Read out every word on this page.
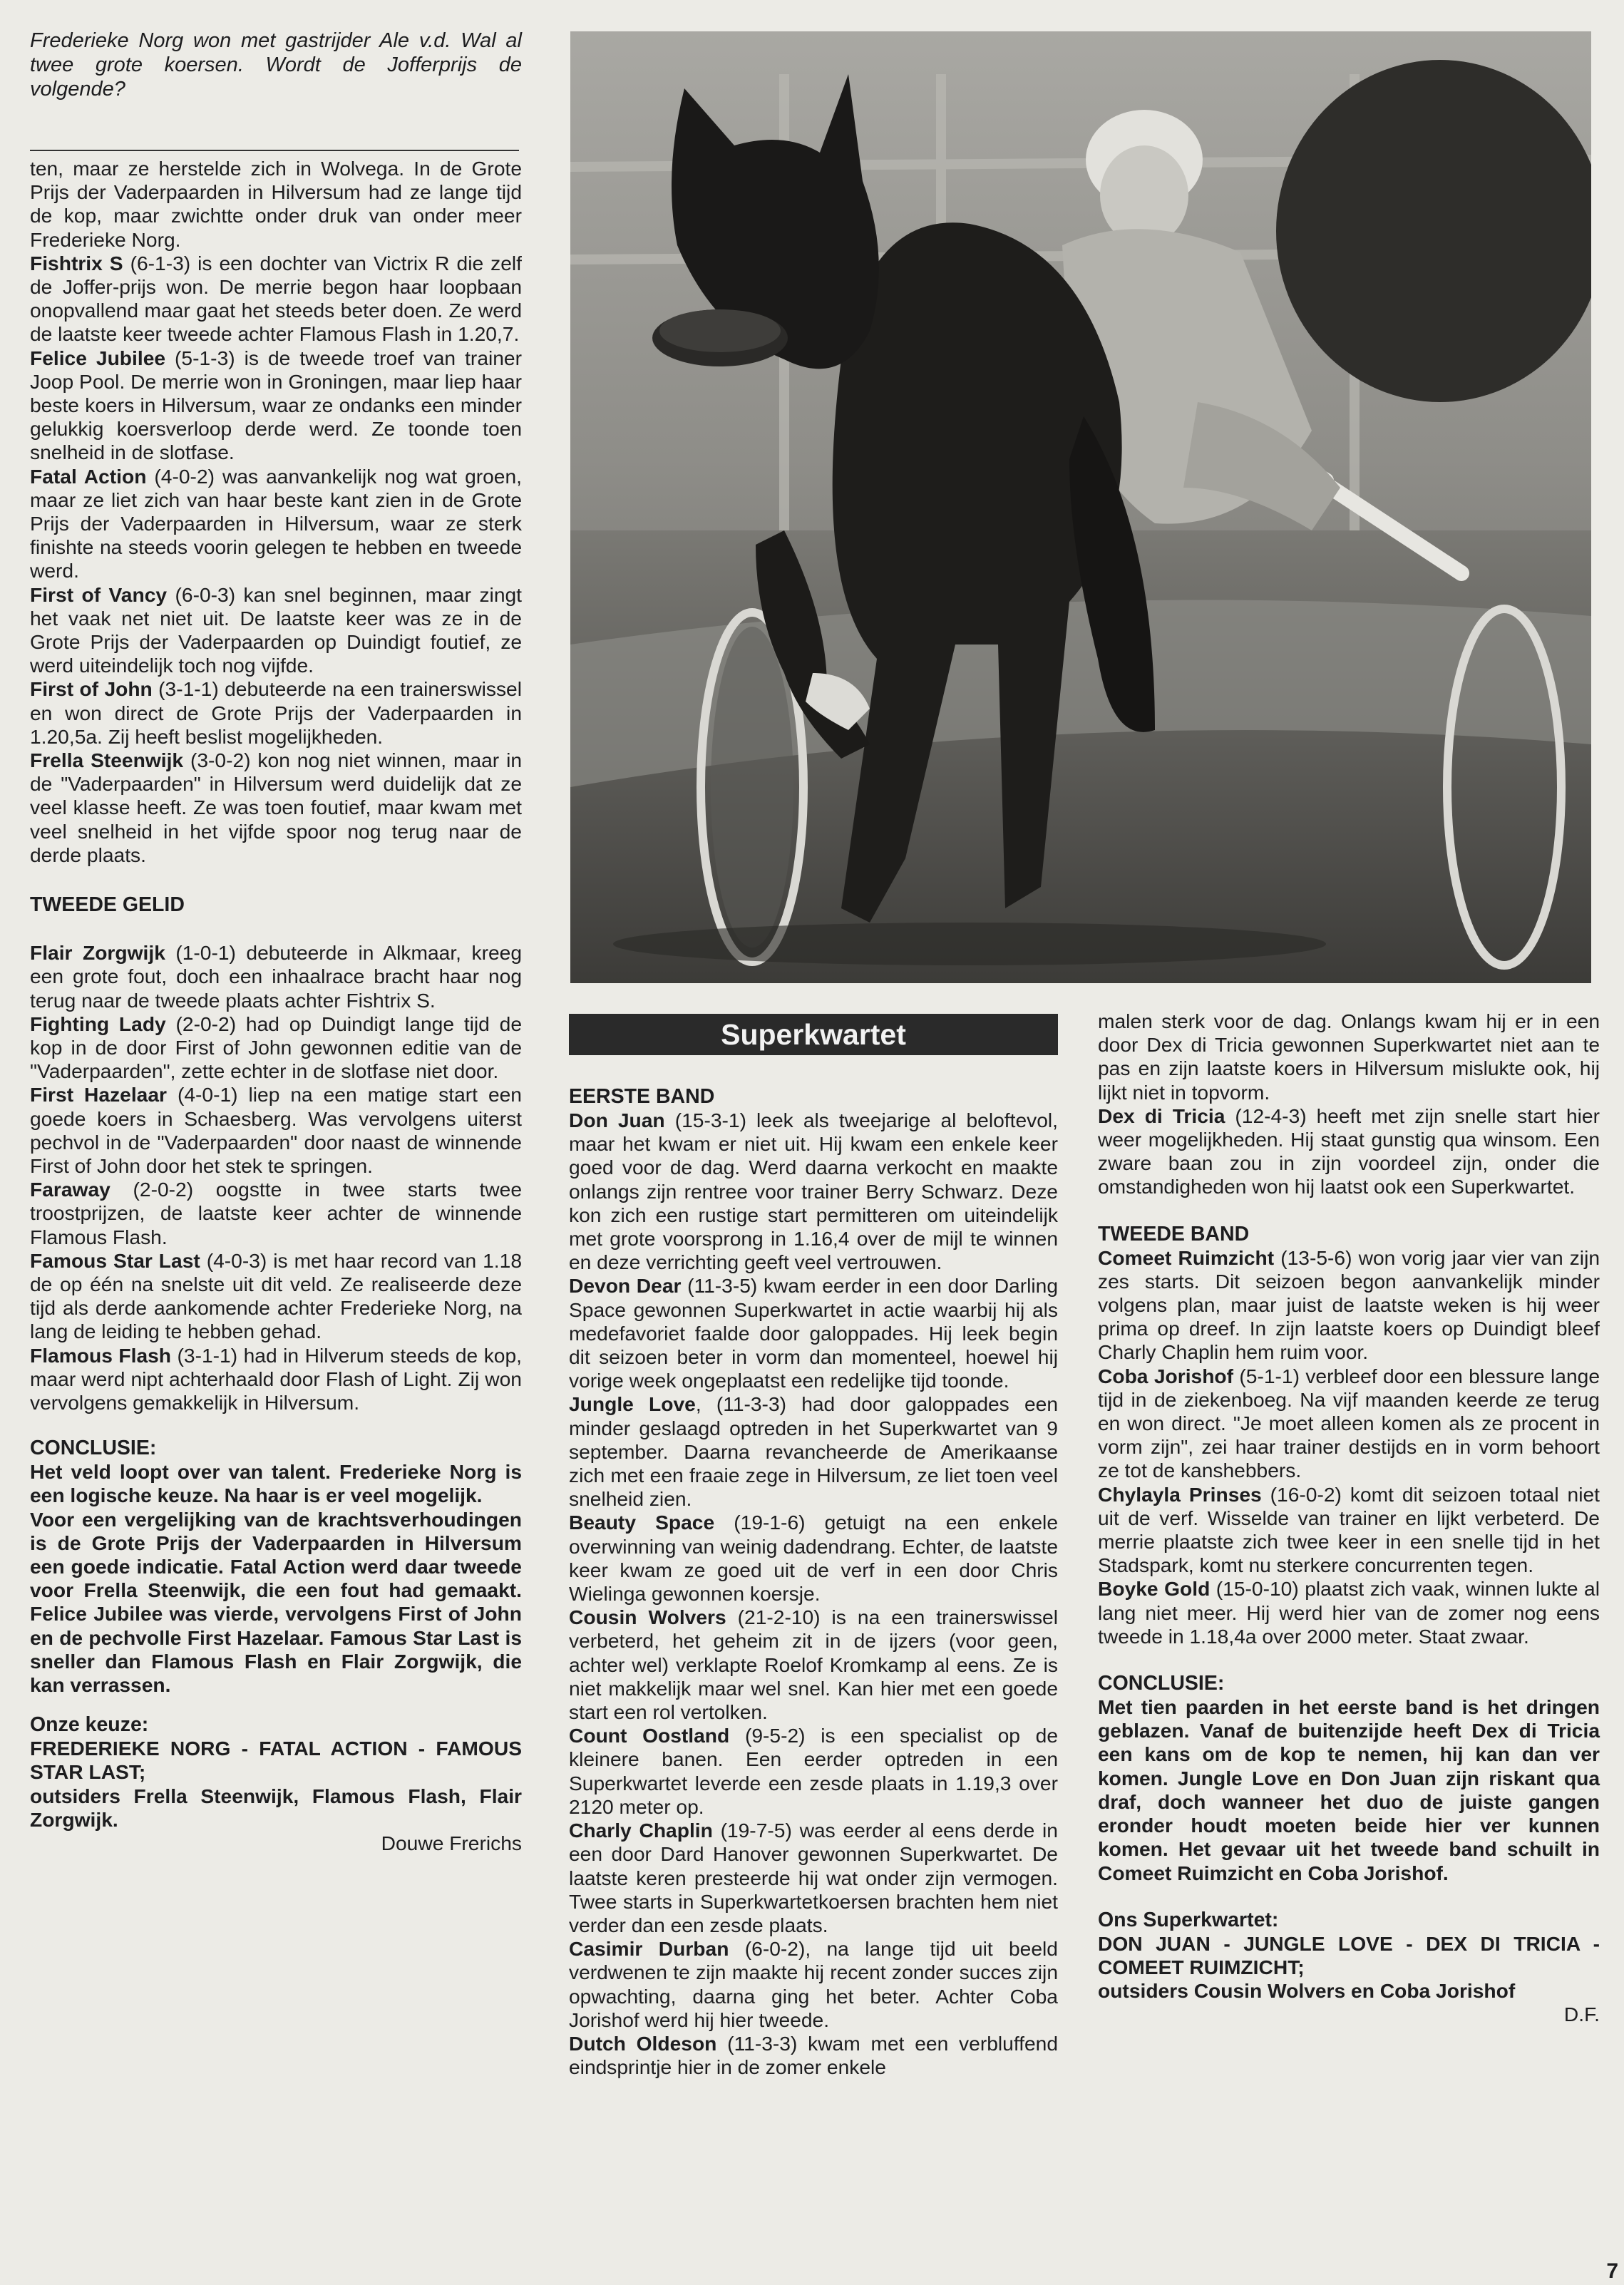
Frederieke Norg won met gastrijder Ale v.d. Wal al twee grote koersen. Wordt de Jofferprijs de volgende?

ten, maar ze herstelde zich in Wolvega. In de Grote Prijs der Vaderpaarden in Hilversum had ze lange tijd de kop, maar zwichtte onder druk van onder meer Frederieke Norg.

Fishtrix S (6-1-3) is een dochter van Victrix R die zelf de Joffer-prijs won. De merrie begon haar loopbaan onopvallend maar gaat het steeds beter doen. Ze werd de laatste keer tweede achter Flamous Flash in 1.20,7.

Felice Jubilee (5-1-3) is de tweede troef van trainer Joop Pool. De merrie won in Groningen, maar liep haar beste koers in Hilversum, waar ze ondanks een minder gelukkig koersverloop derde werd. Ze toonde toen snelheid in de slotfase.

Fatal Action (4-0-2) was aanvankelijk nog wat groen, maar ze liet zich van haar beste kant zien in de Grote Prijs der Vaderpaarden in Hilversum, waar ze sterk finishte na steeds voorin gelegen te hebben en tweede werd.

First of Vancy (6-0-3) kan snel beginnen, maar zingt het vaak net niet uit. De laatste keer was ze in de Grote Prijs der Vaderpaarden op Duindigt foutief, ze werd uiteindelijk toch nog vijfde.

First of John (3-1-1) debuteerde na een trainerswissel en won direct de Grote Prijs der Vaderpaarden in 1.20,5a. Zij heeft beslist mogelijkheden.

Frella Steenwijk (3-0-2) kon nog niet winnen, maar in de "Vaderpaarden" in Hilversum werd duidelijk dat ze veel klasse heeft. Ze was toen foutief, maar kwam met veel snelheid in het vijfde spoor nog terug naar de derde plaats.

TWEEDE GELID

Flair Zorgwijk (1-0-1) debuteerde in Alkmaar, kreeg een grote fout, doch een inhaalrace bracht haar nog terug naar de tweede plaats achter Fishtrix S.

Fighting Lady (2-0-2) had op Duindigt lange tijd de kop in de door First of John gewonnen editie van de "Vaderpaarden", zette echter in de slotfase niet door.

First Hazelaar (4-0-1) liep na een matige start een goede koers in Schaesberg. Was vervolgens uiterst pechvol in de "Vaderpaarden" door naast de winnende First of John door het stek te springen.

Faraway (2-0-2) oogstte in twee starts twee troostprijzen, de laatste keer achter de winnende Flamous Flash.

Famous Star Last (4-0-3) is met haar record van 1.18 de op één na snelste uit dit veld. Ze realiseerde deze tijd als derde aankomende achter Frederieke Norg, na lang de leiding te hebben gehad.

Flamous Flash (3-1-1) had in Hilverum steeds de kop, maar werd nipt achterhaald door Flash of Light. Zij won vervolgens gemakkelijk in Hilversum.

CONCLUSIE:

Het veld loopt over van talent. Frederieke Norg is een logische keuze. Na haar is er veel mogelijk.

Voor een vergelijking van de krachtsverhoudingen is de Grote Prijs der Vaderpaarden in Hilversum een goede indicatie. Fatal Action werd daar tweede voor Frella Steenwijk, die een fout had gemaakt. Felice Jubilee was vierde, vervolgens First of John en de pechvolle First Hazelaar. Famous Star Last is sneller dan Flamous Flash en Flair Zorgwijk, die kan verrassen.

Onze keuze:

FREDERIEKE NORG - FATAL ACTION - FAMOUS STAR LAST;

outsiders Frella Steenwijk, Flamous Flash, Flair Zorgwijk.

Douwe Frerichs

Superkwartet

EERSTE BAND

Don Juan (15-3-1) leek als tweejarige al beloftevol, maar het kwam er niet uit. Hij kwam een enkele keer goed voor de dag. Werd daarna verkocht en maakte onlangs zijn rentree voor trainer Berry Schwarz. Deze kon zich een rustige start permitteren om uiteindelijk met grote voorsprong in 1.16,4 over de mijl te winnen en deze verrichting geeft veel vertrouwen.

Devon Dear (11-3-5) kwam eerder in een door Darling Space gewonnen Superkwartet in actie waarbij hij als medefavoriet faalde door galoppades. Hij leek begin dit seizoen beter in vorm dan momenteel, hoewel hij vorige week ongeplaatst een redelijke tijd toonde.

Jungle Love, (11-3-3) had door galoppades een minder geslaagd optreden in het Superkwartet van 9 september. Daarna revancheerde de Amerikaanse zich met een fraaie zege in Hilversum, ze liet toen veel snelheid zien.

Beauty Space (19-1-6) getuigt na een enkele overwinning van weinig dadendrang. Echter, de laatste keer kwam ze goed uit de verf in een door Chris Wielinga gewonnen koersje.

Cousin Wolvers (21-2-10) is na een trainerswissel verbeterd, het geheim zit in de ijzers (voor geen, achter wel) verklapte Roelof Kromkamp al eens. Ze is niet makkelijk maar wel snel. Kan hier met een goede start een rol vertolken.

Count Oostland (9-5-2) is een specialist op de kleinere banen. Een eerder optreden in een Superkwartet leverde een zesde plaats in 1.19,3 over 2120 meter op.

Charly Chaplin (19-7-5) was eerder al eens derde in een door Dard Hanover gewonnen Superkwartet. De laatste keren presteerde hij wat onder zijn vermogen. Twee starts in Superkwartetkoersen brachten hem niet verder dan een zesde plaats.

Casimir Durban (6-0-2), na lange tijd uit beeld verdwenen te zijn maakte hij recent zonder succes zijn opwachting, daarna ging het beter. Achter Coba Jorishof werd hij hier tweede.

Dutch Oldeson (11-3-3) kwam met een verbluffend eindsprintje hier in de zomer enkele

malen sterk voor de dag. Onlangs kwam hij er in een door Dex di Tricia gewonnen Superkwartet niet aan te pas en zijn laatste koers in Hilversum mislukte ook, hij lijkt niet in topvorm.

Dex di Tricia (12-4-3) heeft met zijn snelle start hier weer mogelijkheden. Hij staat gunstig qua winsom. Een zware baan zou in zijn voordeel zijn, onder die omstandigheden won hij laatst ook een Superkwartet.

TWEEDE BAND

Comeet Ruimzicht (13-5-6) won vorig jaar vier van zijn zes starts. Dit seizoen begon aanvankelijk minder volgens plan, maar juist de laatste weken is hij weer prima op dreef. In zijn laatste koers op Duindigt bleef Charly Chaplin hem ruim voor.

Coba Jorishof (5-1-1) verbleef door een blessure lange tijd in de ziekenboeg. Na vijf maanden keerde ze terug en won direct. "Je moet alleen komen als ze procent in vorm zijn", zei haar trainer destijds en in vorm behoort ze tot de kanshebbers.

Chylayla Prinses (16-0-2) komt dit seizoen totaal niet uit de verf. Wisselde van trainer en lijkt verbeterd. De merrie plaatste zich twee keer in een snelle tijd in het Stadspark, komt nu sterkere concurrenten tegen.

Boyke Gold (15-0-10) plaatst zich vaak, winnen lukte al lang niet meer. Hij werd hier van de zomer nog eens tweede in 1.18,4a over 2000 meter. Staat zwaar.

CONCLUSIE:

Met tien paarden in het eerste band is het dringen geblazen. Vanaf de buitenzijde heeft Dex di Tricia een kans om de kop te nemen, hij kan dan ver komen. Jungle Love en Don Juan zijn riskant qua draf, doch wanneer het duo de juiste gangen eronder houdt moeten beide hier ver kunnen komen. Het gevaar uit het tweede band schuilt in Comeet Ruimzicht en Coba Jorishof.

Ons Superkwartet:

DON JUAN - JUNGLE LOVE - DEX DI TRICIA - COMEET RUIMZICHT;

outsiders Cousin Wolvers en Coba Jorishof

D.F.

7
